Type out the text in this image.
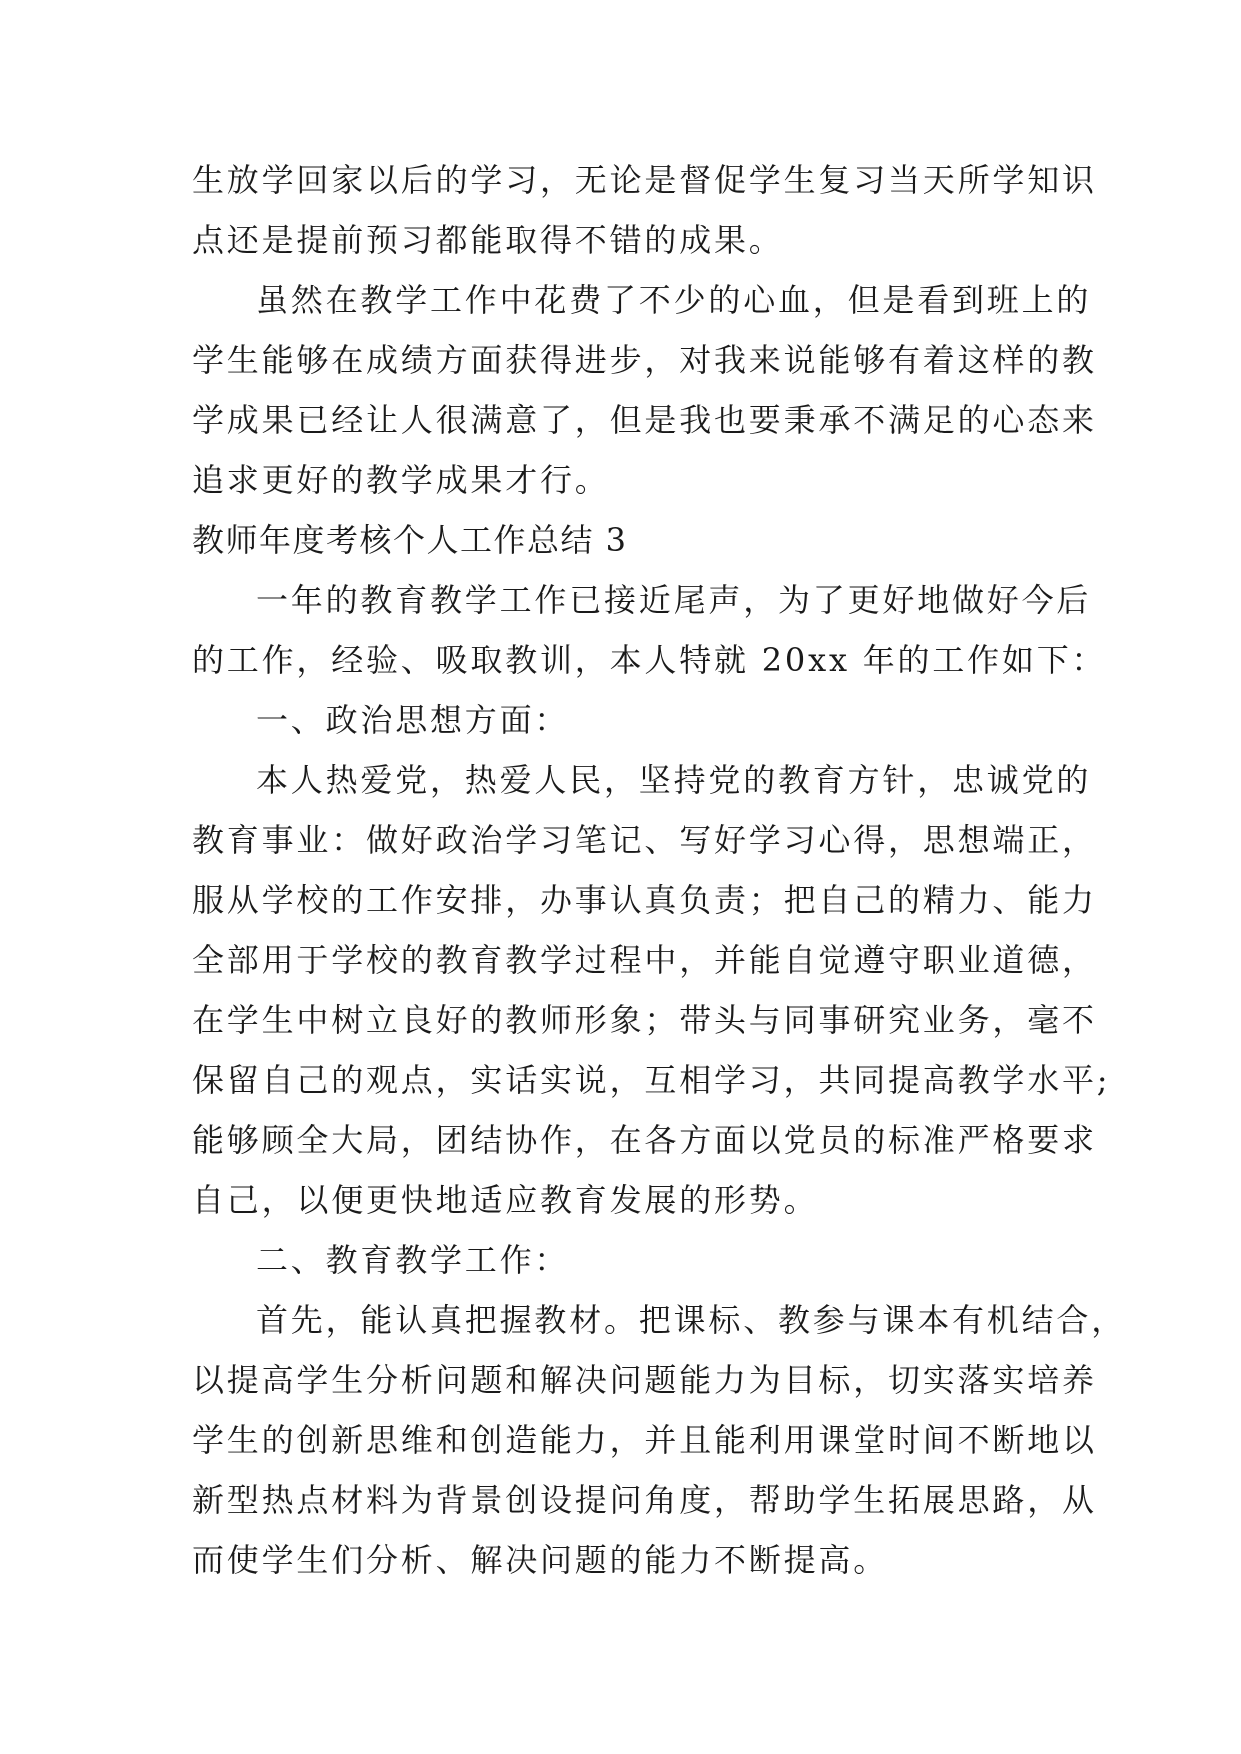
生放学回家以后的学习，无论是督促学生复习当天所学知识
点还是提前预习都能取得不错的成果。
虽然在教学工作中花费了不少的心血，但是看到班上的
学生能够在成绩方面获得进步，对我来说能够有着这样的教
学成果已经让人很满意了，但是我也要秉承不满足的心态来
追求更好的教学成果才行。
教师年度考核个人工作总结 3
一年的教育教学工作已接近尾声，为了更好地做好今后
的工作，经验、吸取教训，本人特就 20xx 年的工作如下：
一、政治思想方面：
本人热爱党，热爱人民，坚持党的教育方针，忠诚党的
教育事业：做好政治学习笔记、写好学习心得，思想端正，
服从学校的工作安排，办事认真负责；把自己的精力、能力
全部用于学校的教育教学过程中，并能自觉遵守职业道德，
在学生中树立良好的教师形象；带头与同事研究业务，毫不
保留自己的观点，实话实说，互相学习，共同提高教学水平;
能够顾全大局，团结协作，在各方面以党员的标准严格要求
自己，以便更快地适应教育发展的形势。
二、教育教学工作：
首先，能认真把握教材。把课标、教参与课本有机结合，
以提高学生分析问题和解决问题能力为目标，切实落实培养
学生的创新思维和创造能力，并且能利用课堂时间不断地以
新型热点材料为背景创设提问角度，帮助学生拓展思路，从
而使学生们分析、解决问题的能力不断提高。
